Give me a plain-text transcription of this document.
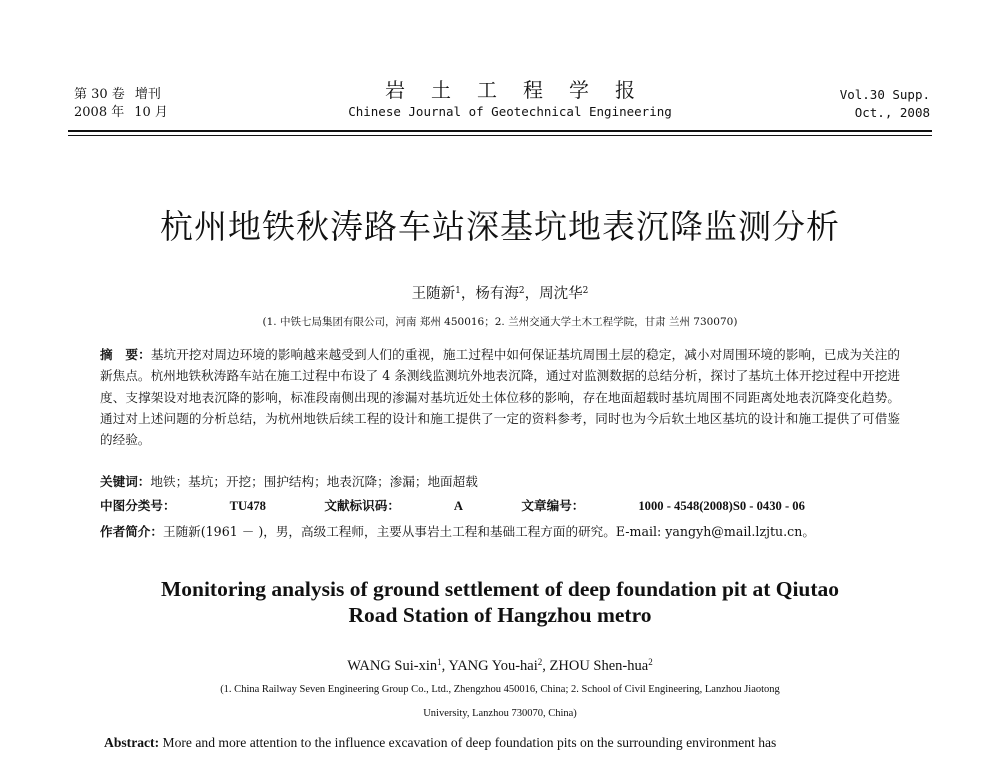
第 30 卷 增刊
2008 年 10 月
岩土工程学报
Chinese Journal of Geotechnical Engineering
Vol.30 Supp.
Oct., 2008
杭州地铁秋涛路车站深基坑地表沉降监测分析
王随新$^1$，杨有海$^2$，周沈华$^2$
(1. 中铁七局集团有限公司，河南 郑州 450016；2. 兰州交通大学土木工程学院，甘肃 兰州 730070)
摘　要：基坑开挖对周边环境的影响越来越受到人们的重视，施工过程中如何保证基坑周围土层的稳定，减小对周围环境的影响，已成为关注的新焦点。杭州地铁秋涛路车站在施工过程中布设了 4 条测线监测坑外地表沉降，通过对监测数据的总结分析，探讨了基坑土体开挖过程中开挖进度、支撑架设对地表沉降的影响，标准段南侧出现的渗漏对基坑近处土体位移的影响，存在地面超载时基坑周围不同距离处地表沉降变化趋势。通过对上述问题的分析总结，为杭州地铁后续工程的设计和施工提供了一定的资料参考，同时也为今后软土地区基坑的设计和施工提供了可借鉴的经验。
关键词：地铁；基坑；开挖；围护结构；地表沉降；渗漏；地面超载
中图分类号：	TU478	文献标识码：	A	文章编号：	1000 - 4548(2008)S0 - 0430 - 06
作者简介：王随新(1961 － )，男，高级工程师，主要从事岩土工程和基础工程方面的研究。E-mail: yangyh@mail.lzjtu.cn。
Monitoring analysis of ground settlement of deep foundation pit at Qiutao
Road Station of Hangzhou metro
WANG Sui-xin$^1$, YANG You-hai$^2$, ZHOU Shen-hua$^2$
(1. China Railway Seven Engineering Group Co., Ltd., Zhengzhou 450016, China; 2. School of Civil Engineering, Lanzhou Jiaotong
University, Lanzhou 730070, China)
Abstract: More and more attention to the influence excavation of deep foundation pits on the surrounding environment has
